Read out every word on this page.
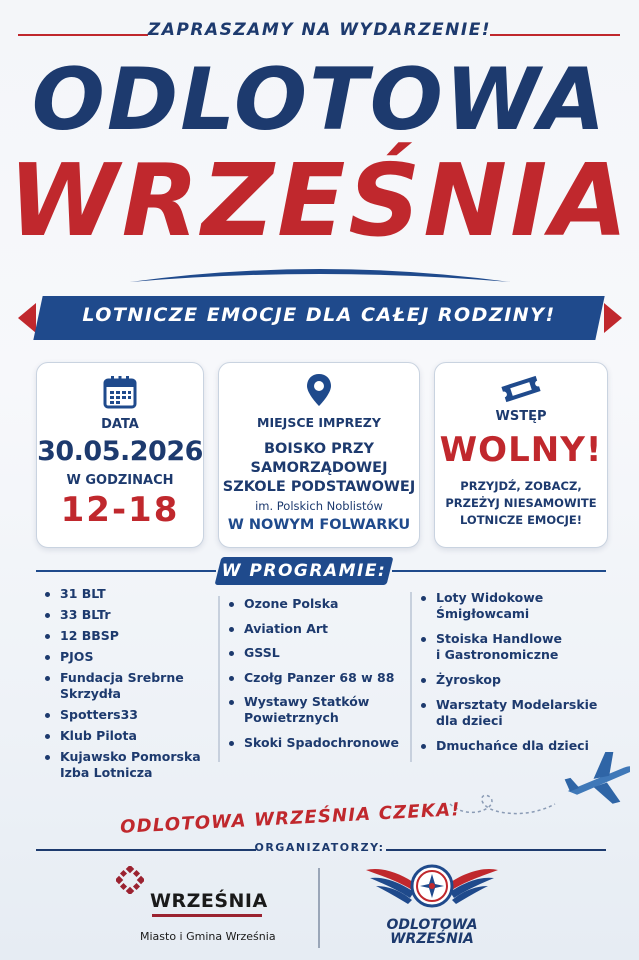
ZAPRASZAMY NA WYDARZENIE!
ODLOTOWA
WRZEŚNIA
LOTNICZE EMOCJE DLA CAŁEJ RODZINY!
DATA
30.05.2026
W GODZINACH
12-18
MIEJSCE IMPREZY
BOISKO PRZY
SAMORZĄDOWEJ
SZKOLE PODSTAWOWEJ
im. Polskich Noblistów
W NOWYM FOLWARKU
WSTĘP
WOLNY!
PRZYJDŹ, ZOBACZ,
PRZEŻYJ NIESAMOWITE
LOTNICZE EMOCJE!
W PROGRAMIE:
31 BLT
33 BLTr
12 BBSP
PJOS
Fundacja Srebrne Skrzydła
Spotters33
Klub Pilota
Kujawsko Pomorska
Izba Lotnicza
Ozone Polska
Aviation Art
GSSL
Czołg Panzer 68 w 88
Wystawy Statków
Powietrznych
Skoki Spadochronowe
Loty Widokowe
Śmigłowcami
Stoiska Handlowe
i Gastronomiczne
Żyroskop
Warsztaty Modelarskie
dla dzieci
Dmuchańce dla dzieci
ODLOTOWA WRZEŚNIA CZEKA!
ORGANIZATORZY:
WRZEŚNIA
Miasto i Gmina Września
ODLOTOWA
WRZEŚNIA
